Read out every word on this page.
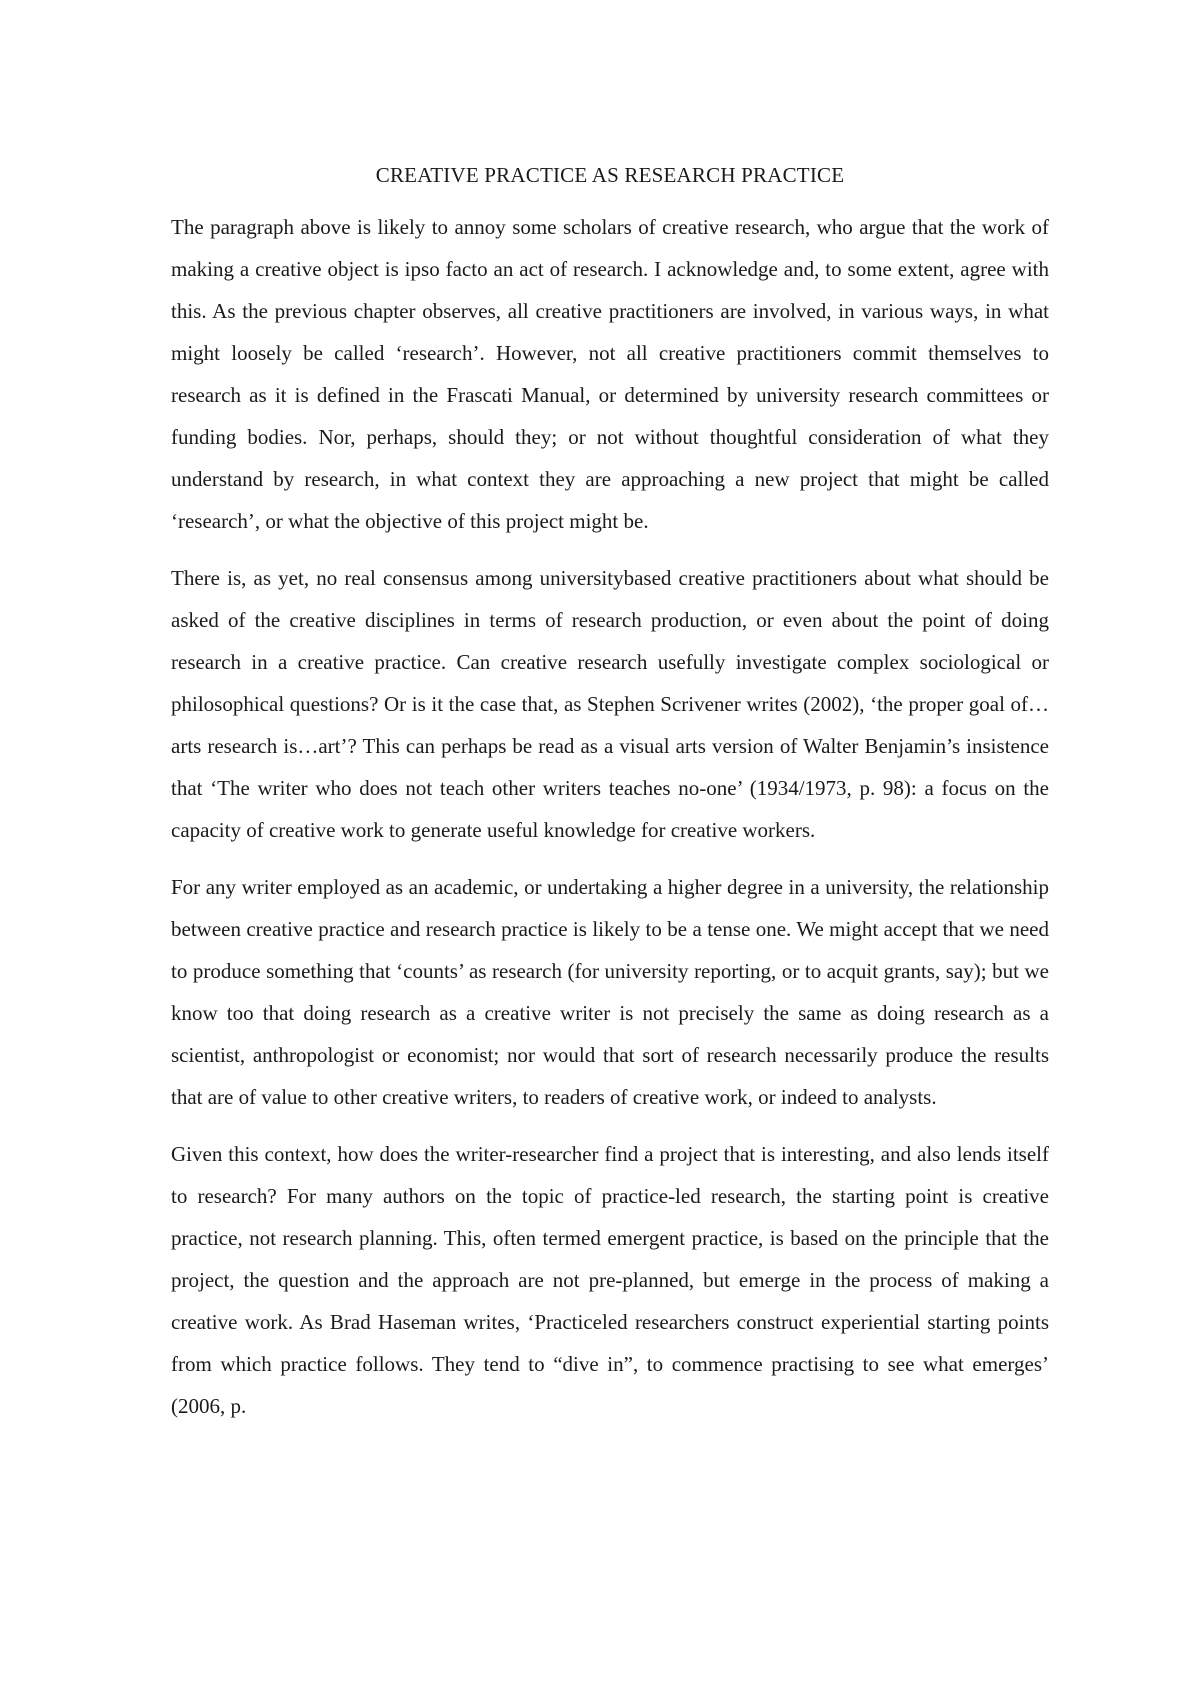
CREATIVE PRACTICE AS RESEARCH PRACTICE

The paragraph above is likely to annoy some scholars of creative research, who argue that the work of making a creative object is ipso facto an act of research. I acknowledge and, to some extent, agree with this. As the previous chapter observes, all creative practitioners are involved, in various ways, in what might loosely be called ‘research’. However, not all creative practitioners commit themselves to research as it is defined in the Frascati Manual, or determined by university research committees or funding bodies. Nor, perhaps, should they; or not without thoughtful consideration of what they understand by research, in what context they are approaching a new project that might be called ‘research’, or what the objective of this project might be.

There is, as yet, no real consensus among universitybased creative practitioners about what should be asked of the creative disciplines in terms of research production, or even about the point of doing research in a creative practice. Can creative research usefully investigate complex sociological or philosophical questions? Or is it the case that, as Stephen Scrivener writes (2002), ‘the proper goal of…arts research is…art’? This can perhaps be read as a visual arts version of Walter Benjamin’s insistence that ‘The writer who does not teach other writers teaches no-one’ (1934/1973, p. 98): a focus on the capacity of creative work to generate useful knowledge for creative workers.

For any writer employed as an academic, or undertaking a higher degree in a university, the relationship between creative practice and research practice is likely to be a tense one. We might accept that we need to produce something that ‘counts’ as research (for university reporting, or to acquit grants, say); but we know too that doing research as a creative writer is not precisely the same as doing research as a scientist, anthropologist or economist; nor would that sort of research necessarily produce the results that are of value to other creative writers, to readers of creative work, or indeed to analysts.

Given this context, how does the writer-researcher find a project that is interesting, and also lends itself to research? For many authors on the topic of practice-led research, the starting point is creative practice, not research planning. This, often termed emergent practice, is based on the principle that the project, the question and the approach are not pre-planned, but emerge in the process of making a creative work. As Brad Haseman writes, ‘Practiceled researchers construct experiential starting points from which practice follows. They tend to “dive in”, to commence practising to see what emerges’ (2006, p.
